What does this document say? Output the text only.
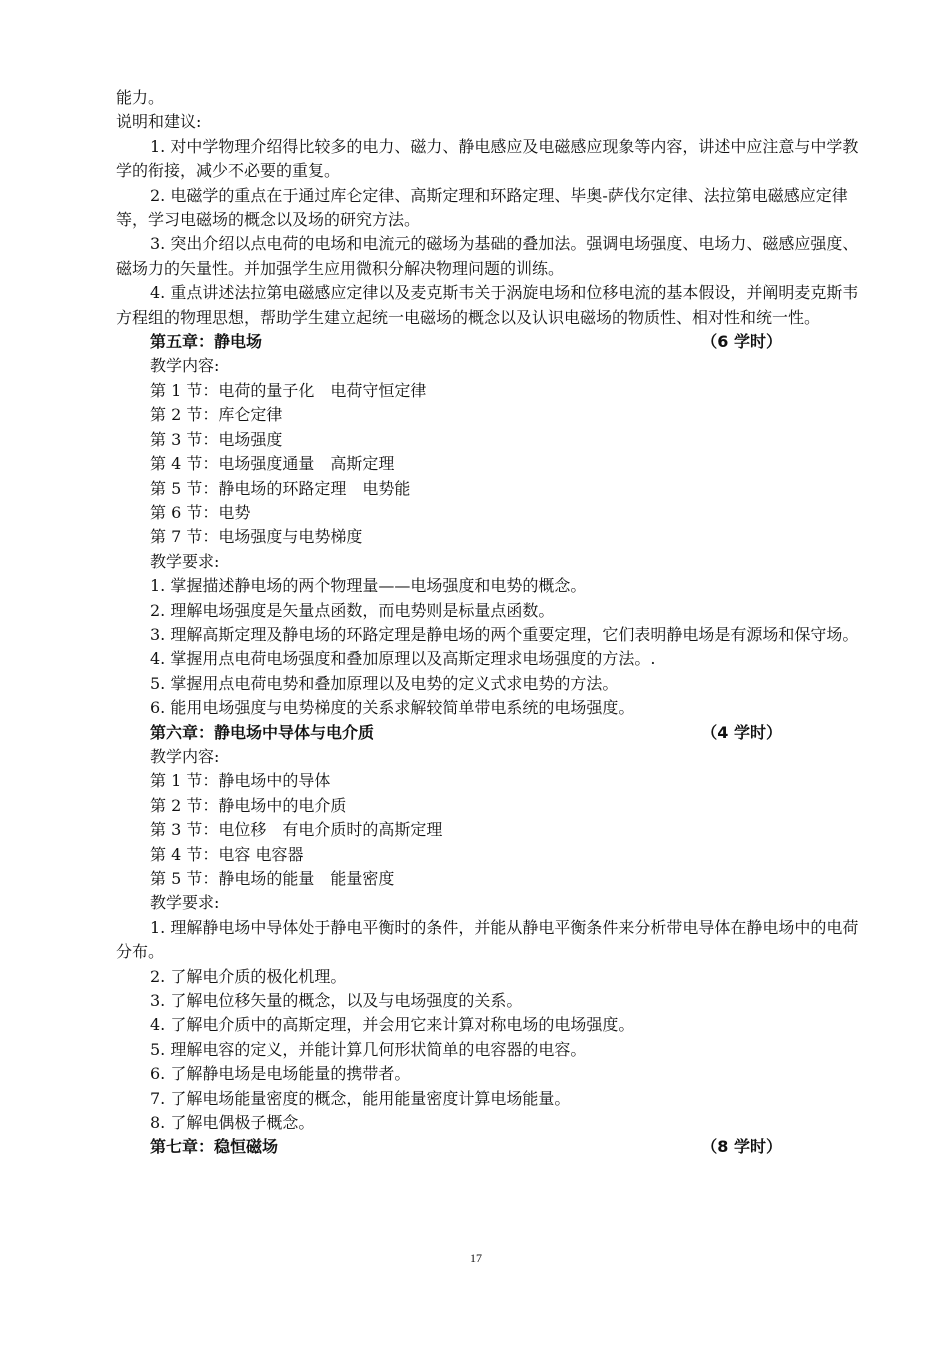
能力。
说明和建议:
1. 对中学物理介绍得比较多的电力、磁力、静电感应及电磁感应现象等内容，讲述中应注意与中学教学的衔接，减少不必要的重复。
2. 电磁学的重点在于通过库仑定律、高斯定理和环路定理、毕奥-萨伐尔定律、法拉第电磁感应定律等，学习电磁场的概念以及场的研究方法。
3. 突出介绍以点电荷的电场和电流元的磁场为基础的叠加法。强调电场强度、电场力、磁感应强度、磁场力的矢量性。并加强学生应用微积分解决物理问题的训练。
4. 重点讲述法拉第电磁感应定律以及麦克斯韦关于涡旋电场和位移电流的基本假设，并阐明麦克斯韦方程组的物理思想，帮助学生建立起统一电磁场的概念以及认识电磁场的物质性、相对性和统一性。
第五章：静电场	（6 学时）
教学内容:
第 1 节：电荷的量子化　电荷守恒定律
第 2 节：库仑定律
第 3 节：电场强度
第 4 节：电场强度通量　高斯定理
第 5 节：静电场的环路定理　电势能
第 6 节：电势
第 7 节：电场强度与电势梯度
教学要求:
1. 掌握描述静电场的两个物理量——电场强度和电势的概念。
2. 理解电场强度是矢量点函数，而电势则是标量点函数。
3. 理解高斯定理及静电场的环路定理是静电场的两个重要定理，它们表明静电场是有源场和保守场。
4. 掌握用点电荷电场强度和叠加原理以及高斯定理求电场强度的方法。.
5. 掌握用点电荷电势和叠加原理以及电势的定义式求电势的方法。
6. 能用电场强度与电势梯度的关系求解较简单带电系统的电场强度。
第六章：静电场中导体与电介质	（4 学时）
教学内容:
第 1 节：静电场中的导体
第 2 节：静电场中的电介质
第 3 节：电位移　有电介质时的高斯定理
第 4 节：电容 电容器
第 5 节：静电场的能量　能量密度
教学要求:
1. 理解静电场中导体处于静电平衡时的条件，并能从静电平衡条件来分析带电导体在静电场中的电荷分布。
2. 了解电介质的极化机理。
3. 了解电位移矢量的概念，以及与电场强度的关系。
4. 了解电介质中的高斯定理，并会用它来计算对称电场的电场强度。
5. 理解电容的定义，并能计算几何形状简单的电容器的电容。
6. 了解静电场是电场能量的携带者。
7. 了解电场能量密度的概念，能用能量密度计算电场能量。
8. 了解电偶极子概念。
第七章：稳恒磁场	（8 学时）
17
